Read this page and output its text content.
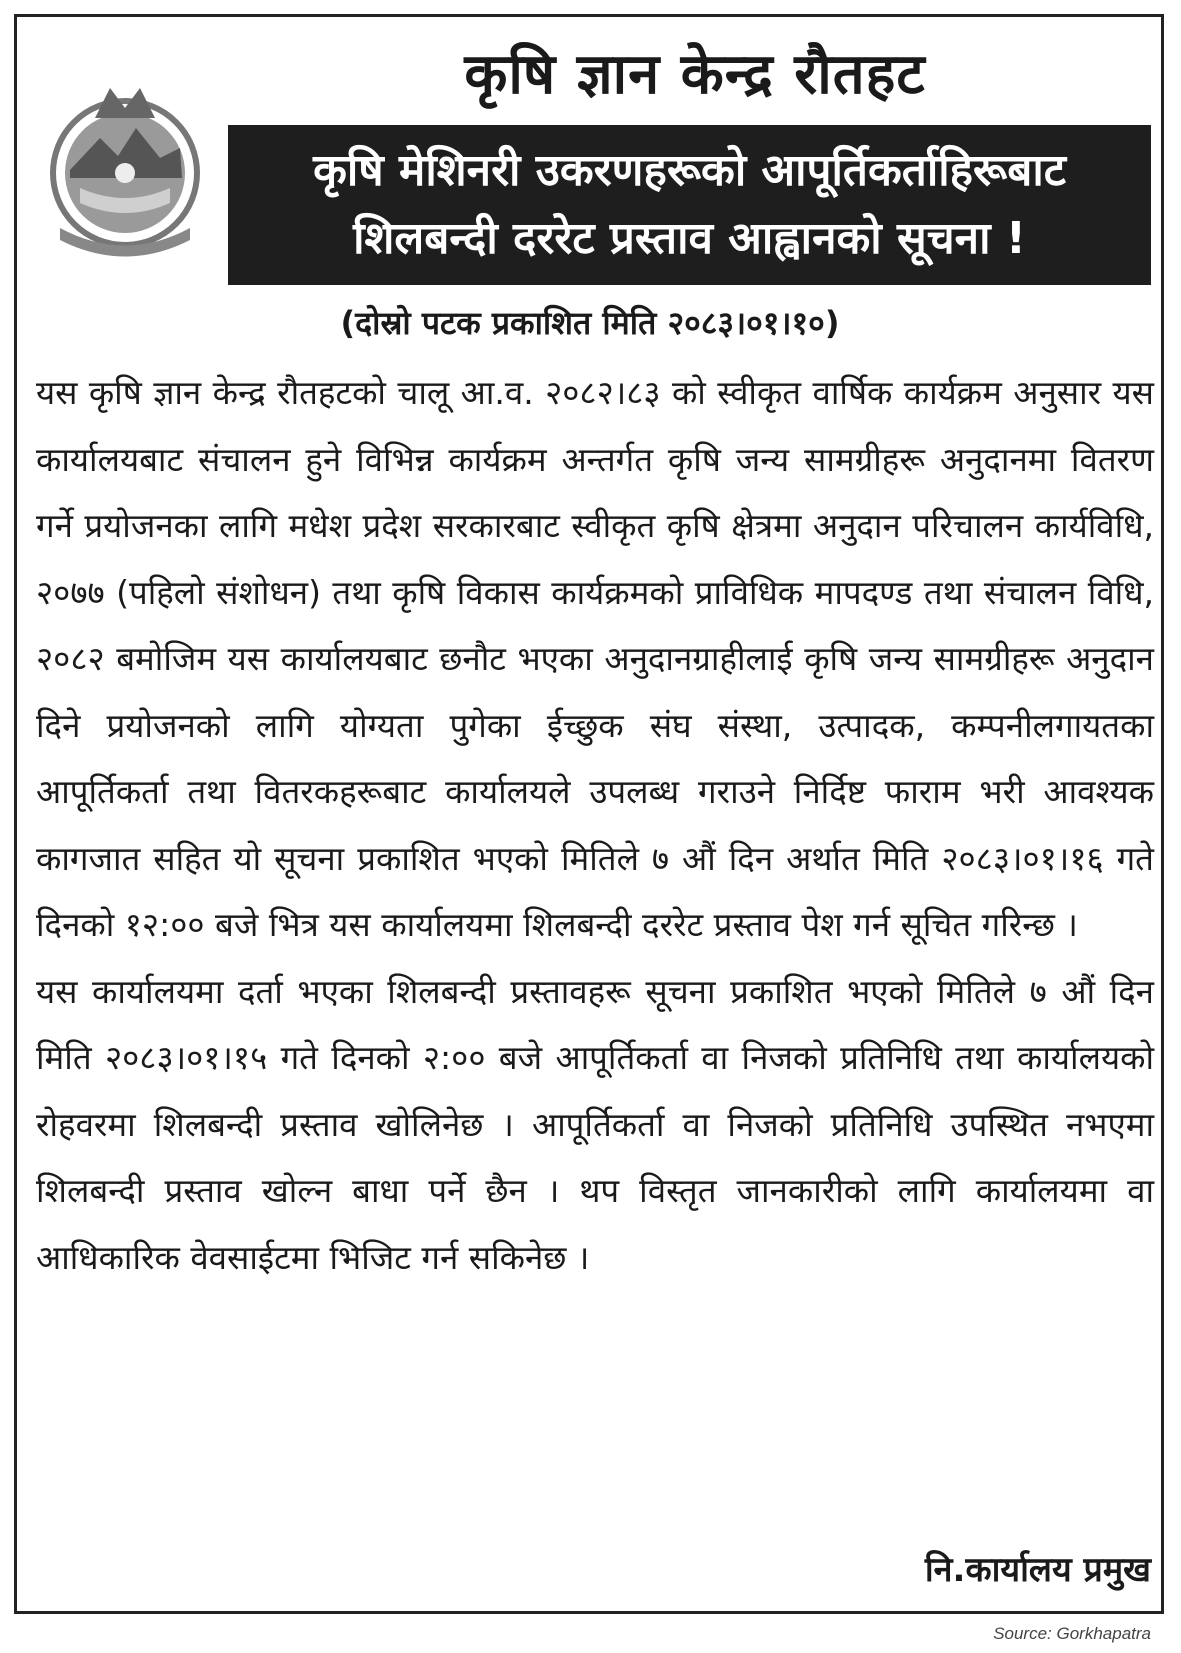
कृषि ज्ञान केन्द्र रौतहट
कृषि मेशिनरी उकरणहरूको आपूर्तिकर्ताहिरूबाट
शिलबन्दी दररेट प्रस्ताव आह्वानको सूचना !
(दोस्रो पटक प्रकाशित मिति २०८३।०१।१०)

यस कृषि ज्ञान केन्द्र रौतहटको चालू आ.व. २०८२।८३ को स्वीकृत वार्षिक कार्यक्रम अनुसार यस कार्यालयबाट संचालन हुने विभिन्न कार्यक्रम अन्तर्गत कृषि जन्य सामग्रीहरू अनुदानमा वितरण गर्ने प्रयोजनका लागि मधेश प्रदेश सरकारबाट स्वीकृत कृषि क्षेत्रमा अनुदान परिचालन कार्यविधि, २०७७ (पहिलो संशोधन) तथा कृषि विकास कार्यक्रमको प्राविधिक मापदण्ड तथा संचालन विधि, २०८२ बमोजिम यस कार्यालयबाट छनौट भएका अनुदानग्राहीलाई कृषि जन्य सामग्रीहरू अनुदान दिने प्रयोजनको लागि योग्यता पुगेका ईच्छुक संघ संस्था, उत्पादक, कम्पनीलगायतका आपूर्तिकर्ता तथा वितरकहरूबाट कार्यालयले उपलब्ध गराउने निर्दिष्ट फाराम भरी आवश्यक कागजात सहित यो सूचना प्रकाशित भएको मितिले ७ औं दिन अर्थात मिति २०८३।०१।१६ गते दिनको १२:०० बजे भित्र यस कार्यालयमा शिलबन्दी दररेट प्रस्ताव पेश गर्न सूचित गरिन्छ ।

यस कार्यालयमा दर्ता भएका शिलबन्दी प्रस्तावहरू सूचना प्रकाशित भएको मितिले ७ औं दिन मिति २०८३।०१।१५ गते दिनको २:०० बजे आपूर्तिकर्ता वा निजको प्रतिनिधि तथा कार्यालयको रोहवरमा शिलबन्दी प्रस्ताव खोलिनेछ । आपूर्तिकर्ता वा निजको प्रतिनिधि उपस्थित नभएमा शिलबन्दी प्रस्ताव खोल्न बाधा पर्ने छैन । थप विस्तृत जानकारीको लागि कार्यालयमा वा आधिकारिक वेवसाईटमा भिजिट गर्न सकिनेछ ।

नि.कार्यालय प्रमुख
Source: Gorkhapatra
